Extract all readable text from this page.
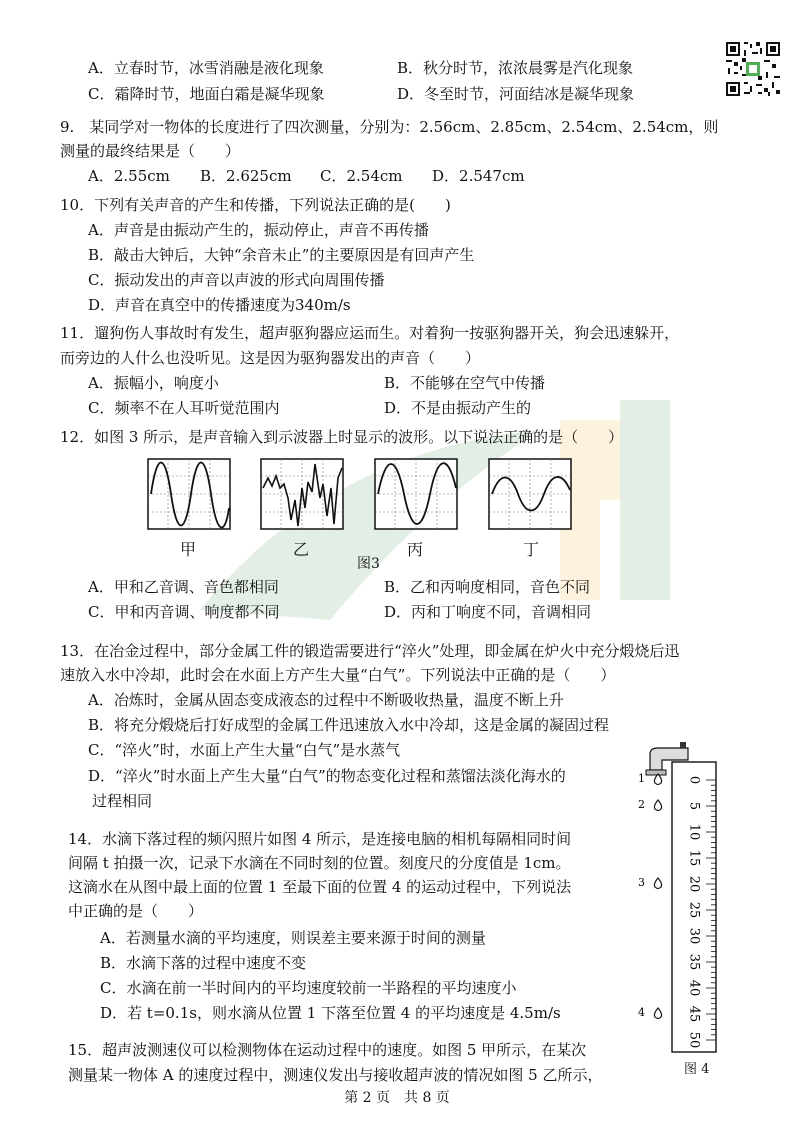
A．立春时节，冰雪消融是液化现象	B．秋分时节，浓浓晨雾是汽化现象
C．霜降时节，地面白霜是凝华现象	D．冬至时节，河面结冰是凝华现象
9.　某同学对一物体的长度进行了四次测量，分别为：2.56cm、2.85cm、2.54cm、2.54cm，则
测量的最终结果是（　　）
A．2.55cm B．2.625cm C．2.54cm D．2.547cm
10．下列有关声音的产生和传播，下列说法正确的是(　　)
A．声音是由振动产生的，振动停止，声音不再传播
B．敲击大钟后，大钟“余音未止”的主要原因是有回声产生
C．振动发出的声音以声波的形式向周围传播
D．声音在真空中的传播速度为340m/s
11．遛狗伤人事故时有发生，超声驱狗器应运而生。对着狗一按驱狗器开关，狗会迅速躲开，
而旁边的人什么也没听见。这是因为驱狗器发出的声音（　　）
A．振幅小，响度小	B．不能够在空气中传播
C．频率不在人耳听觉范围内	D．不是由振动产生的
12．如图 3 所示，是声音输入到示波器上时显示的波形。以下说法正确的是（　　）
甲	乙	丙	丁
图3
A．甲和乙音调、音色都相同	B．乙和丙响度相同，音色不同
C．甲和丙音调、响度都不同	D．丙和丁响度不同，音调相同
13．在冶金过程中，部分金属工件的锻造需要进行“淬火”处理，即金属在炉火中充分煅烧后迅
速放入水中冷却，此时会在水面上方产生大量“白气”。下列说法中正确的是（　　）
A．冶炼时，金属从固态变成液态的过程中不断吸收热量，温度不断上升
B．将充分煅烧后打好成型的金属工件迅速放入水中冷却，这是金属的凝固过程
C．“淬火”时，水面上产生大量“白气”是水蒸气
D．“淬火”时水面上产生大量“白气”的物态变化过程和蒸馏法淡化海水的
过程相同
14．水滴下落过程的频闪照片如图 4 所示，是连接电脑的相机每隔相同时间
间隔 t 拍摄一次，记录下水滴在不同时刻的位置。刻度尺的分度值是 1cm。
这滴水在从图中最上面的位置 1 至最下面的位置 4 的运动过程中，下列说法
中正确的是（　　）
A．若测量水滴的平均速度，则误差主要来源于时间的测量
B．水滴下落的过程中速度不变
C．水滴在前一半时间内的平均速度较前一半路程的平均速度小
D．若 t=0.1s，则水滴从位置 1 下落至位置 4 的平均速度是 4.5m/s
0
5
10
15
20
25
30
35
40
45
50
1
2
3
4
图 4
15．超声波测速仪可以检测物体在运动过程中的速度。如图 5 甲所示，在某次
测量某一物体 A 的速度过程中，测速仪发出与接收超声波的情况如图 5 乙所示，
第 2 页　共 8 页
